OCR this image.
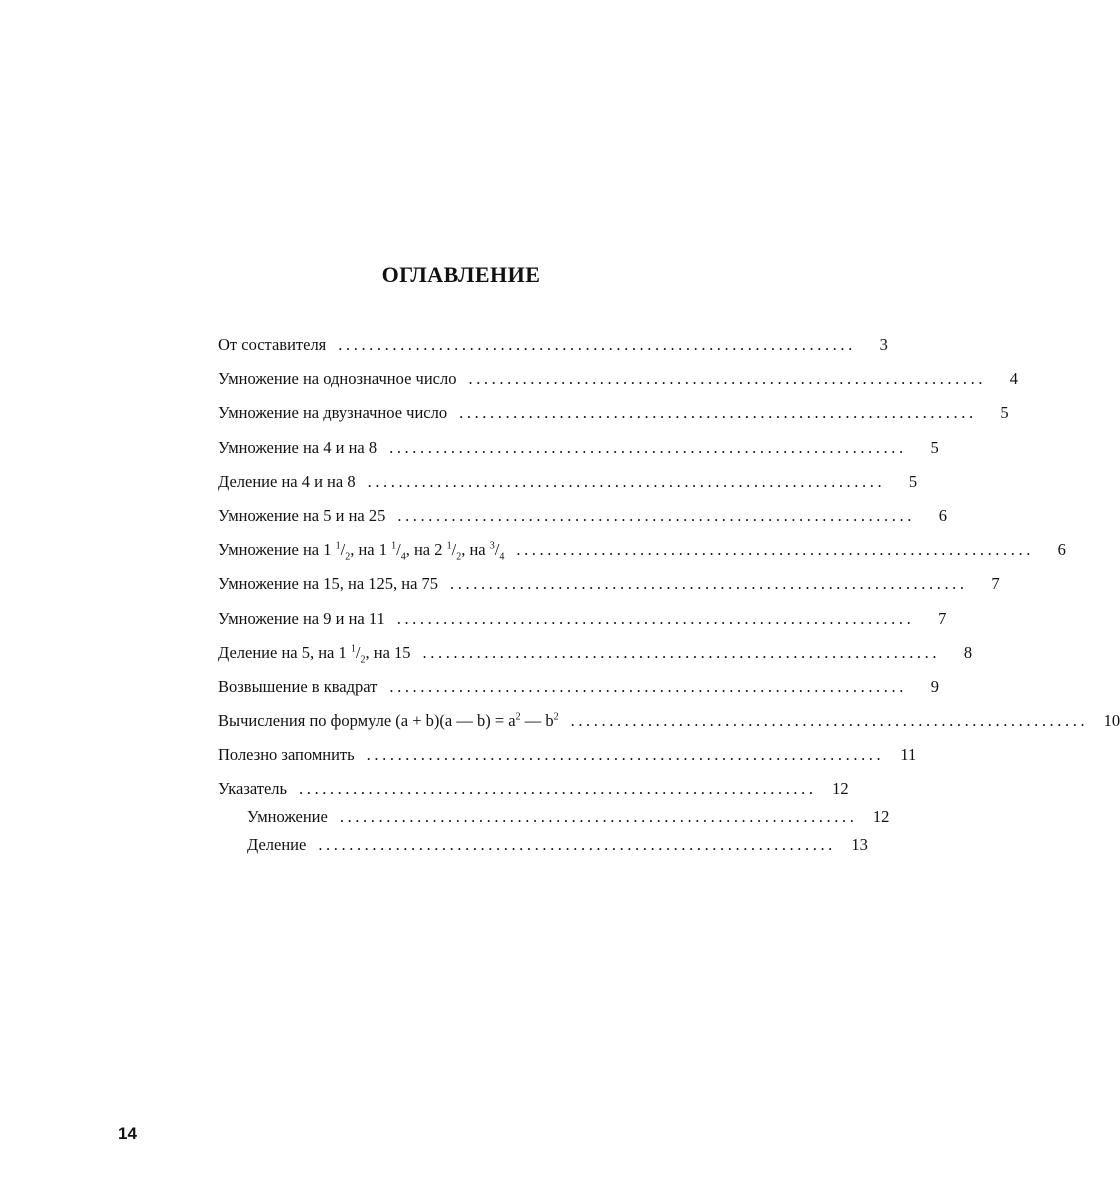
ОГЛАВЛЕНИЕ
От составителя ...................................................................	3
Умножение на однозначное число ...................................................................	4
Умножение на двузначное число ...................................................................	5
Умножение на 4 и на 8 ...................................................................	5
Деление на 4 и на 8 ...................................................................	5
Умножение на 5 и на 25 ...................................................................	6
Умножение на 1 $^1/_2$, на 1 $^1/_4$, на 2 $^1/_2$, на $^3/_4$ ...................................................................	6
Умножение на 15, на 125, на 75 ...................................................................	7
Умножение на 9 и на 11 ...................................................................	7
Деление на 5, на 1 $^1/_2$, на 15 ...................................................................	8
Возвышение в квадрат ...................................................................	9
Вычисления по формуле (a + b)(a — $b) = a^2$ — $b^2$ ................................................................... 10
Полезно запомнить ................................................................... 11
Указатель ................................................................... 12
Умножение ................................................................... 12
Деление ................................................................... 13
14
